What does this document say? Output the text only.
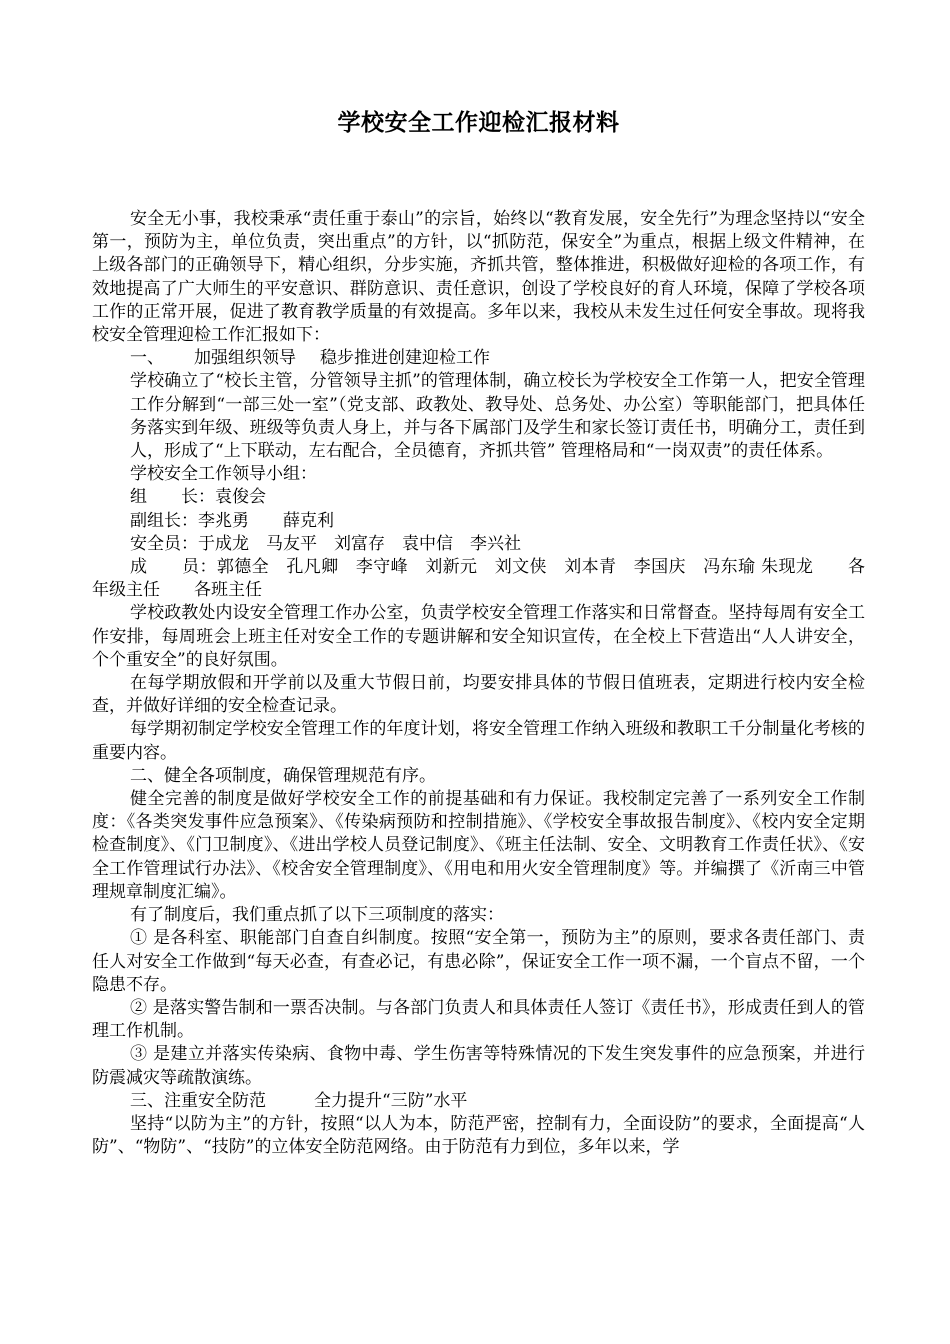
学校安全工作迎检汇报材料

安全无小事，我校秉承“责任重于泰山”的宗旨，始终以“教育发展，安全先行”为理念坚持以“安全第一，预防为主，单位负责，突出重点”的方针，以“抓防范，保安全”为重点，根据上级文件精神，在上级各部门的正确领导下，精心组织，分步实施，齐抓共管，整体推进，积极做好迎检的各项工作，有效地提高了广大师生的平安意识、群防意识、责任意识，创设了学校良好的育人环境，保障了学校各项工作的正常开展，促进了教育教学质量的有效提高。多年以来，我校从未发生过任何安全事故。现将我校安全管理迎检工作汇报如下：

一、 加强组织领导 稳步推进创建迎检工作

学校确立了“校长主管，分管领导主抓”的管理体制，确立校长为学校安全工作第一人，把安全管理工作分解到“一部三处一室”（党支部、政教处、教导处、总务处、办公室）等职能部门，把具体任务落实到年级、班级等负责人身上，并与各下属部门及学生和家长签订责任书，明确分工，责任到人，形成了“上下联动，左右配合，全员德育，齐抓共管” 管理格局和“一岗双责”的责任体系。

学校安全工作领导小组：

组　　长：袁俊会

副组长：李兆勇　　薛克利

安全员：于成龙　马友平　刘富存　袁中信　李兴社

成　　员：郭德全　孔凡卿　李守峰　刘新元　刘文侠　刘本青　李国庆　冯东瑜 朱现龙　　各年级主任　　各班主任

学校政教处内设安全管理工作办公室，负责学校安全管理工作落实和日常督查。坚持每周有安全工作安排，每周班会上班主任对安全工作的专题讲解和安全知识宣传，在全校上下营造出“人人讲安全，个个重安全”的良好氛围。

在每学期放假和开学前以及重大节假日前，均要安排具体的节假日值班表，定期进行校内安全检查，并做好详细的安全检查记录。

每学期初制定学校安全管理工作的年度计划，将安全管理工作纳入班级和教职工千分制量化考核的重要内容。

二、健全各项制度，确保管理规范有序。

健全完善的制度是做好学校安全工作的前提基础和有力保证。我校制定完善了一系列安全工作制度：《各类突发事件应急预案》、《传染病预防和控制措施》、《学校安全事故报告制度》、《校内安全定期检查制度》、《门卫制度》、《进出学校人员登记制度》、《班主任法制、安全、文明教育工作责任状》、《安全工作管理试行办法》、《校舍安全管理制度》、《用电和用火安全管理制度》等。并编撰了《沂南三中管理规章制度汇编》。

有了制度后，我们重点抓了以下三项制度的落实：

① 是各科室、职能部门自查自纠制度。按照“安全第一，预防为主”的原则，要求各责任部门、责任人对安全工作做到“每天必查，有查必记，有患必除”，保证安全工作一项不漏，一个盲点不留，一个隐患不存。

② 是落实警告制和一票否决制。与各部门负责人和具体责任人签订《责任书》，形成责任到人的管理工作机制。

③ 是建立并落实传染病、食物中毒、学生伤害等特殊情况的下发生突发事件的应急预案，并进行防震减灾等疏散演练。

三、注重安全防范	全力提升“三防”水平

坚持“以防为主”的方针，按照“以人为本，防范严密，控制有力，全面设防”的要求，全面提高“人防”、“物防”、“技防”的立体安全防范网络。由于防范有力到位，多年以来，学
